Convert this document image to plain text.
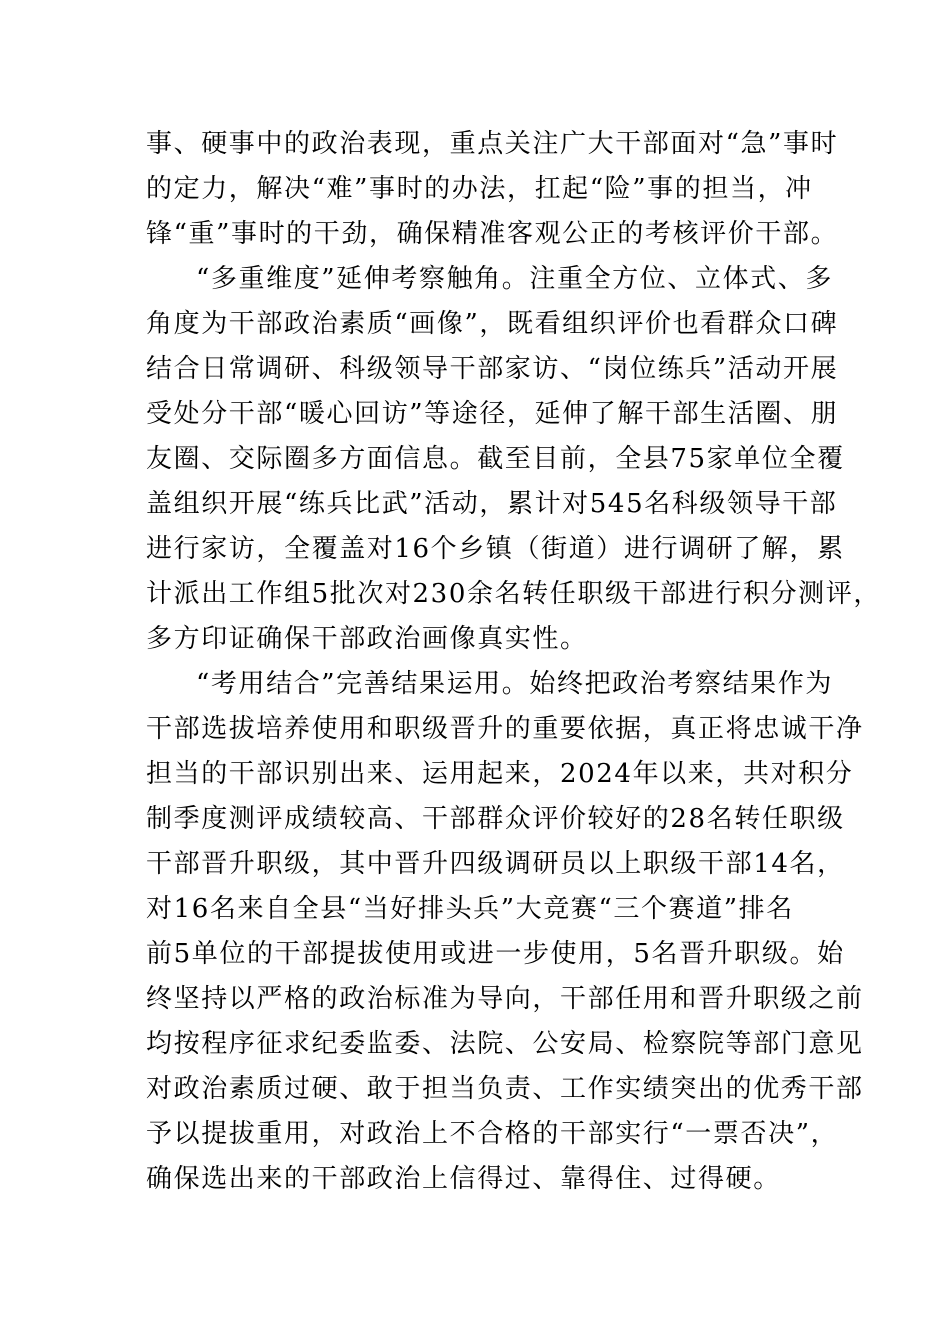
事、硬事中的政治表现，重点关注广大干部面对“急”事时
的定力，解决“难”事时的办法，扛起“险”事的担当，冲
锋“重”事时的干劲，确保精准客观公正的考核评价干部。
“多重维度”延伸考察触角。注重全方位、立体式、多
角度为干部政治素质“画像”，既看组织评价也看群众口碑
结合日常调研、科级领导干部家访、“岗位练兵”活动开展
受处分干部“暖心回访”等途径，延伸了解干部生活圈、朋
友圈、交际圈多方面信息。截至目前，全县75家单位全覆
盖组织开展“练兵比武”活动，累计对545名科级领导干部
进行家访，全覆盖对16个乡镇（街道）进行调研了解，累
计派出工作组5批次对230余名转任职级干部进行积分测评，
多方印证确保干部政治画像真实性。
“考用结合”完善结果运用。始终把政治考察结果作为
干部选拔培养使用和职级晋升的重要依据，真正将忠诚干净
担当的干部识别出来、运用起来，2024年以来，共对积分
制季度测评成绩较高、干部群众评价较好的28名转任职级
干部晋升职级，其中晋升四级调研员以上职级干部14名，
对16名来自全县“当好排头兵”大竞赛“三个赛道”排名
前5单位的干部提拔使用或进一步使用，5名晋升职级。始
终坚持以严格的政治标准为导向，干部任用和晋升职级之前
均按程序征求纪委监委、法院、公安局、检察院等部门意见
对政治素质过硬、敢于担当负责、工作实绩突出的优秀干部
予以提拔重用，对政治上不合格的干部实行“一票否决”，
确保选出来的干部政治上信得过、靠得住、过得硬。
